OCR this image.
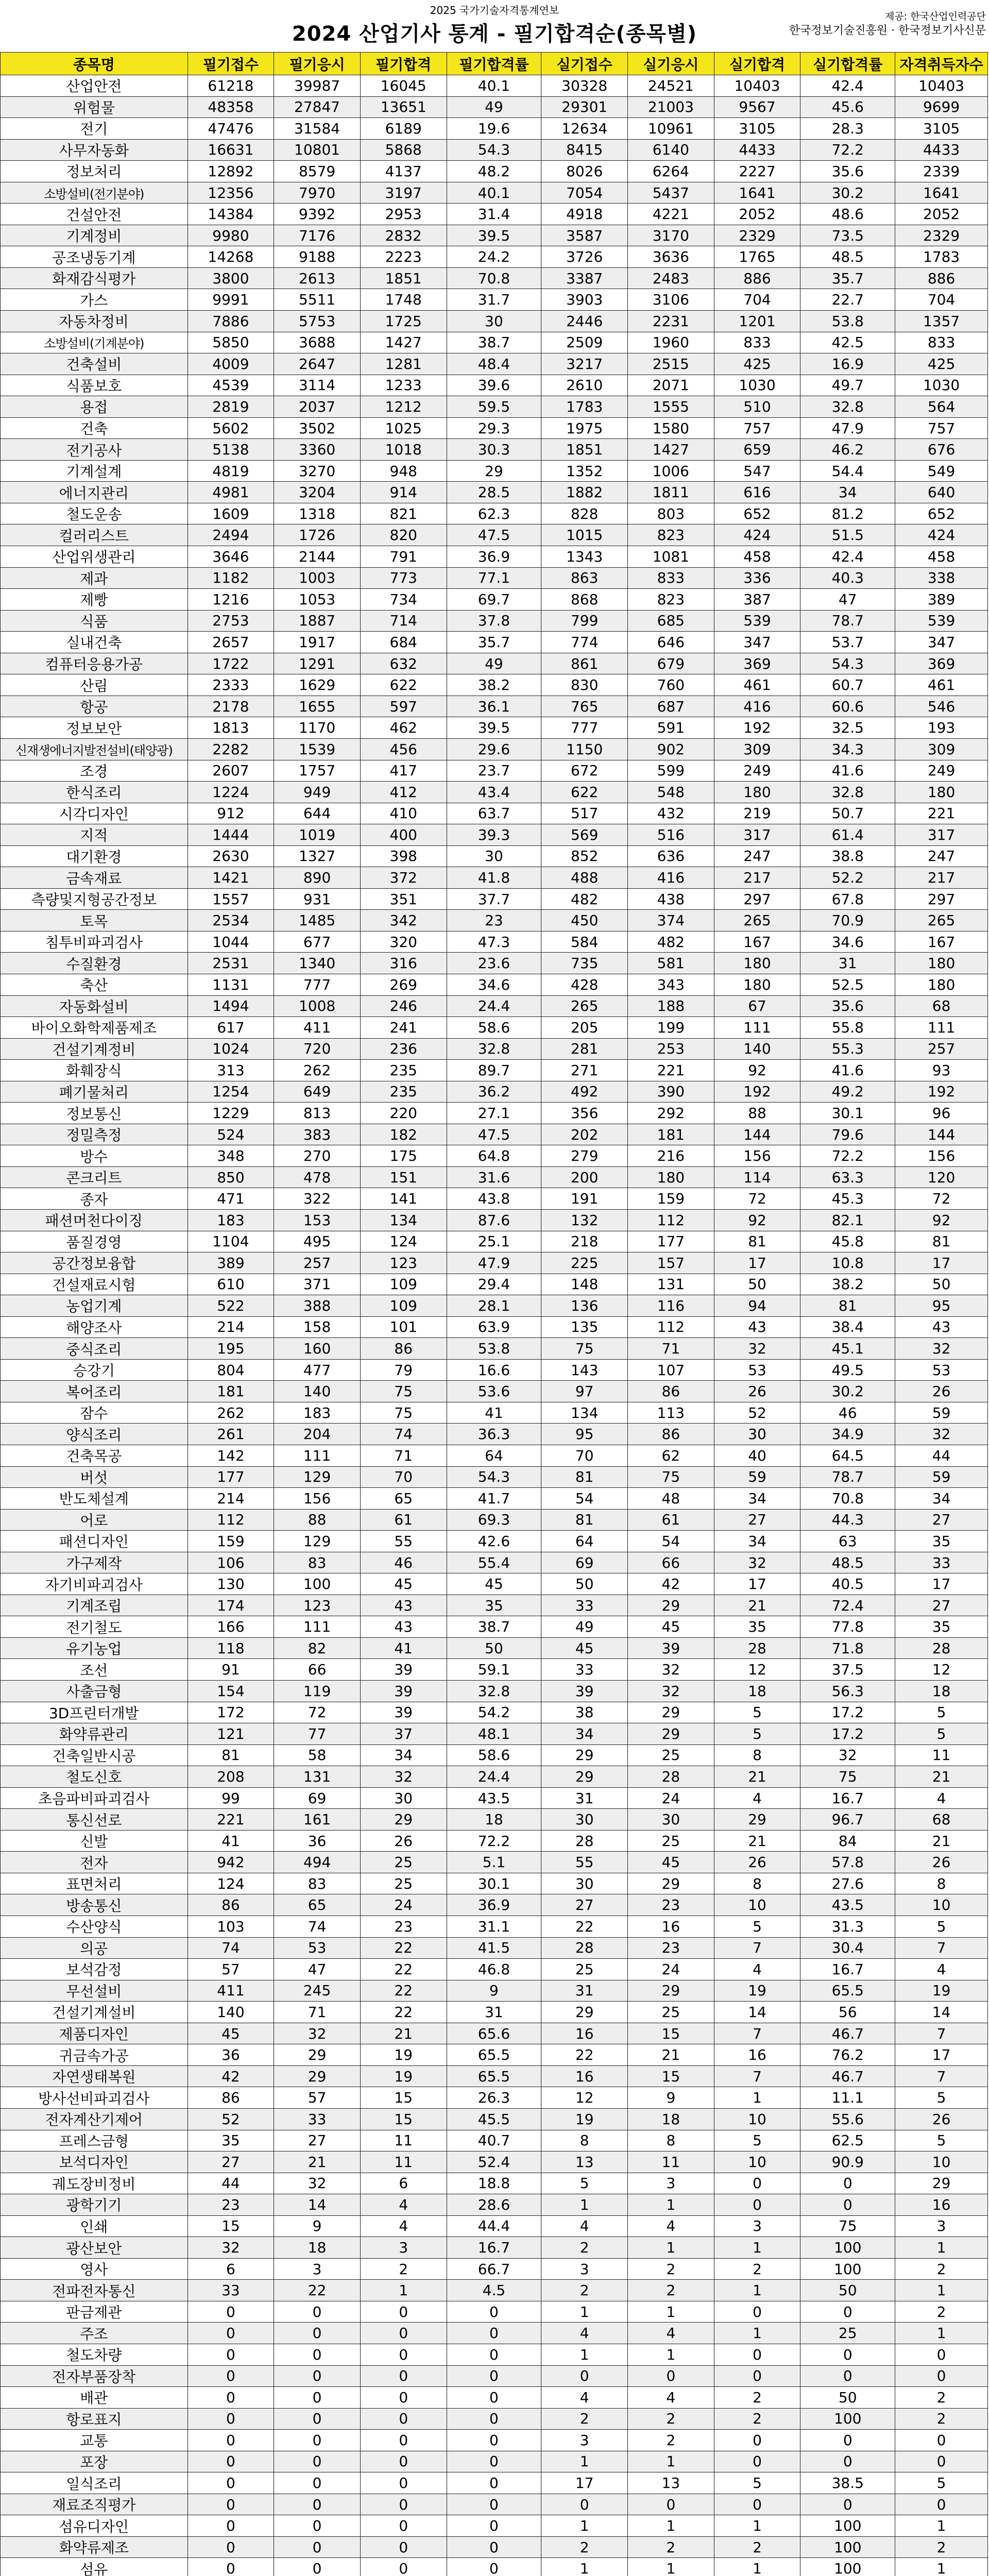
2025 국가기술자격통계연보
2024 산업기사 통계 - 필기합격순(종목별)
제공: 한국산업인력공단
한국정보기술진흥원 · 한국정보기사신문
종목명	필기접수	필기응시	필기합격	필기합격률	실기접수	실기응시	실기합격	실기합격률	자격취득자수
산업안전	61218	39987	16045	40.1	30328	24521	10403	42.4	10403
위험물	48358	27847	13651	49	29301	21003	9567	45.6	9699
전기	47476	31584	6189	19.6	12634	10961	3105	28.3	3105
사무자동화	16631	10801	5868	54.3	8415	6140	4433	72.2	4433
정보처리	12892	8579	4137	48.2	8026	6264	2227	35.6	2339
소방설비(전기분야)	12356	7970	3197	40.1	7054	5437	1641	30.2	1641
건설안전	14384	9392	2953	31.4	4918	4221	2052	48.6	2052
기계정비	9980	7176	2832	39.5	3587	3170	2329	73.5	2329
공조냉동기계	14268	9188	2223	24.2	3726	3636	1765	48.5	1783
화재감식평가	3800	2613	1851	70.8	3387	2483	886	35.7	886
가스	9991	5511	1748	31.7	3903	3106	704	22.7	704
자동차정비	7886	5753	1725	30	2446	2231	1201	53.8	1357
소방설비(기계분야)	5850	3688	1427	38.7	2509	1960	833	42.5	833
건축설비	4009	2647	1281	48.4	3217	2515	425	16.9	425
식품보호	4539	3114	1233	39.6	2610	2071	1030	49.7	1030
용접	2819	2037	1212	59.5	1783	1555	510	32.8	564
건축	5602	3502	1025	29.3	1975	1580	757	47.9	757
전기공사	5138	3360	1018	30.3	1851	1427	659	46.2	676
기계설계	4819	3270	948	29	1352	1006	547	54.4	549
에너지관리	4981	3204	914	28.5	1882	1811	616	34	640
철도운송	1609	1318	821	62.3	828	803	652	81.2	652
컬러리스트	2494	1726	820	47.5	1015	823	424	51.5	424
산업위생관리	3646	2144	791	36.9	1343	1081	458	42.4	458
제과	1182	1003	773	77.1	863	833	336	40.3	338
제빵	1216	1053	734	69.7	868	823	387	47	389
식품	2753	1887	714	37.8	799	685	539	78.7	539
실내건축	2657	1917	684	35.7	774	646	347	53.7	347
컴퓨터응용가공	1722	1291	632	49	861	679	369	54.3	369
산림	2333	1629	622	38.2	830	760	461	60.7	461
항공	2178	1655	597	36.1	765	687	416	60.6	546
정보보안	1813	1170	462	39.5	777	591	192	32.5	193
신재생에너지발전설비(태양광)	2282	1539	456	29.6	1150	902	309	34.3	309
조경	2607	1757	417	23.7	672	599	249	41.6	249
한식조리	1224	949	412	43.4	622	548	180	32.8	180
시각디자인	912	644	410	63.7	517	432	219	50.7	221
지적	1444	1019	400	39.3	569	516	317	61.4	317
대기환경	2630	1327	398	30	852	636	247	38.8	247
금속재료	1421	890	372	41.8	488	416	217	52.2	217
측량및지형공간정보	1557	931	351	37.7	482	438	297	67.8	297
토목	2534	1485	342	23	450	374	265	70.9	265
침투비파괴검사	1044	677	320	47.3	584	482	167	34.6	167
수질환경	2531	1340	316	23.6	735	581	180	31	180
축산	1131	777	269	34.6	428	343	180	52.5	180
자동화설비	1494	1008	246	24.4	265	188	67	35.6	68
바이오화학제품제조	617	411	241	58.6	205	199	111	55.8	111
건설기계정비	1024	720	236	32.8	281	253	140	55.3	257
화훼장식	313	262	235	89.7	271	221	92	41.6	93
폐기물처리	1254	649	235	36.2	492	390	192	49.2	192
정보통신	1229	813	220	27.1	356	292	88	30.1	96
정밀측정	524	383	182	47.5	202	181	144	79.6	144
방수	348	270	175	64.8	279	216	156	72.2	156
콘크리트	850	478	151	31.6	200	180	114	63.3	120
종자	471	322	141	43.8	191	159	72	45.3	72
패션머천다이징	183	153	134	87.6	132	112	92	82.1	92
품질경영	1104	495	124	25.1	218	177	81	45.8	81
공간정보융합	389	257	123	47.9	225	157	17	10.8	17
건설재료시험	610	371	109	29.4	148	131	50	38.2	50
농업기계	522	388	109	28.1	136	116	94	81	95
해양조사	214	158	101	63.9	135	112	43	38.4	43
중식조리	195	160	86	53.8	75	71	32	45.1	32
승강기	804	477	79	16.6	143	107	53	49.5	53
복어조리	181	140	75	53.6	97	86	26	30.2	26
잠수	262	183	75	41	134	113	52	46	59
양식조리	261	204	74	36.3	95	86	30	34.9	32
건축목공	142	111	71	64	70	62	40	64.5	44
버섯	177	129	70	54.3	81	75	59	78.7	59
반도체설계	214	156	65	41.7	54	48	34	70.8	34
어로	112	88	61	69.3	81	61	27	44.3	27
패션디자인	159	129	55	42.6	64	54	34	63	35
가구제작	106	83	46	55.4	69	66	32	48.5	33
자기비파괴검사	130	100	45	45	50	42	17	40.5	17
기계조립	174	123	43	35	33	29	21	72.4	27
전기철도	166	111	43	38.7	49	45	35	77.8	35
유기농업	118	82	41	50	45	39	28	71.8	28
조선	91	66	39	59.1	33	32	12	37.5	12
사출금형	154	119	39	32.8	39	32	18	56.3	18
3D프린터개발	172	72	39	54.2	38	29	5	17.2	5
화약류관리	121	77	37	48.1	34	29	5	17.2	5
건축일반시공	81	58	34	58.6	29	25	8	32	11
철도신호	208	131	32	24.4	29	28	21	75	21
초음파비파괴검사	99	69	30	43.5	31	24	4	16.7	4
통신선로	221	161	29	18	30	30	29	96.7	68
신발	41	36	26	72.2	28	25	21	84	21
전자	942	494	25	5.1	55	45	26	57.8	26
표면처리	124	83	25	30.1	30	29	8	27.6	8
방송통신	86	65	24	36.9	27	23	10	43.5	10
수산양식	103	74	23	31.1	22	16	5	31.3	5
의공	74	53	22	41.5	28	23	7	30.4	7
보석감정	57	47	22	46.8	25	24	4	16.7	4
무선설비	411	245	22	9	31	29	19	65.5	19
건설기계설비	140	71	22	31	29	25	14	56	14
제품디자인	45	32	21	65.6	16	15	7	46.7	7
귀금속가공	36	29	19	65.5	22	21	16	76.2	17
자연생태복원	42	29	19	65.5	16	15	7	46.7	7
방사선비파괴검사	86	57	15	26.3	12	9	1	11.1	5
전자계산기제어	52	33	15	45.5	19	18	10	55.6	26
프레스금형	35	27	11	40.7	8	8	5	62.5	5
보석디자인	27	21	11	52.4	13	11	10	90.9	10
궤도장비정비	44	32	6	18.8	5	3	0	0	29
광학기기	23	14	4	28.6	1	1	0	0	16
인쇄	15	9	4	44.4	4	4	3	75	3
광산보안	32	18	3	16.7	2	1	1	100	1
영사	6	3	2	66.7	3	2	2	100	2
전파전자통신	33	22	1	4.5	2	2	1	50	1
판금제관	0	0	0	0	1	1	0	0	2
주조	0	0	0	0	4	4	1	25	1
철도차량	0	0	0	0	1	1	0	0	0
전자부품장착	0	0	0	0	0	0	0	0	0
배관	0	0	0	0	4	4	2	50	2
항로표지	0	0	0	0	2	2	2	100	2
교통	0	0	0	0	3	2	0	0	0
포장	0	0	0	0	1	1	0	0	0
일식조리	0	0	0	0	17	13	5	38.5	5
재료조직평가	0	0	0	0	0	0	0	0	0
섬유디자인	0	0	0	0	1	1	1	100	1
화약류제조	0	0	0	0	2	2	2	100	2
섬유	0	0	0	0	1	1	1	100	1
